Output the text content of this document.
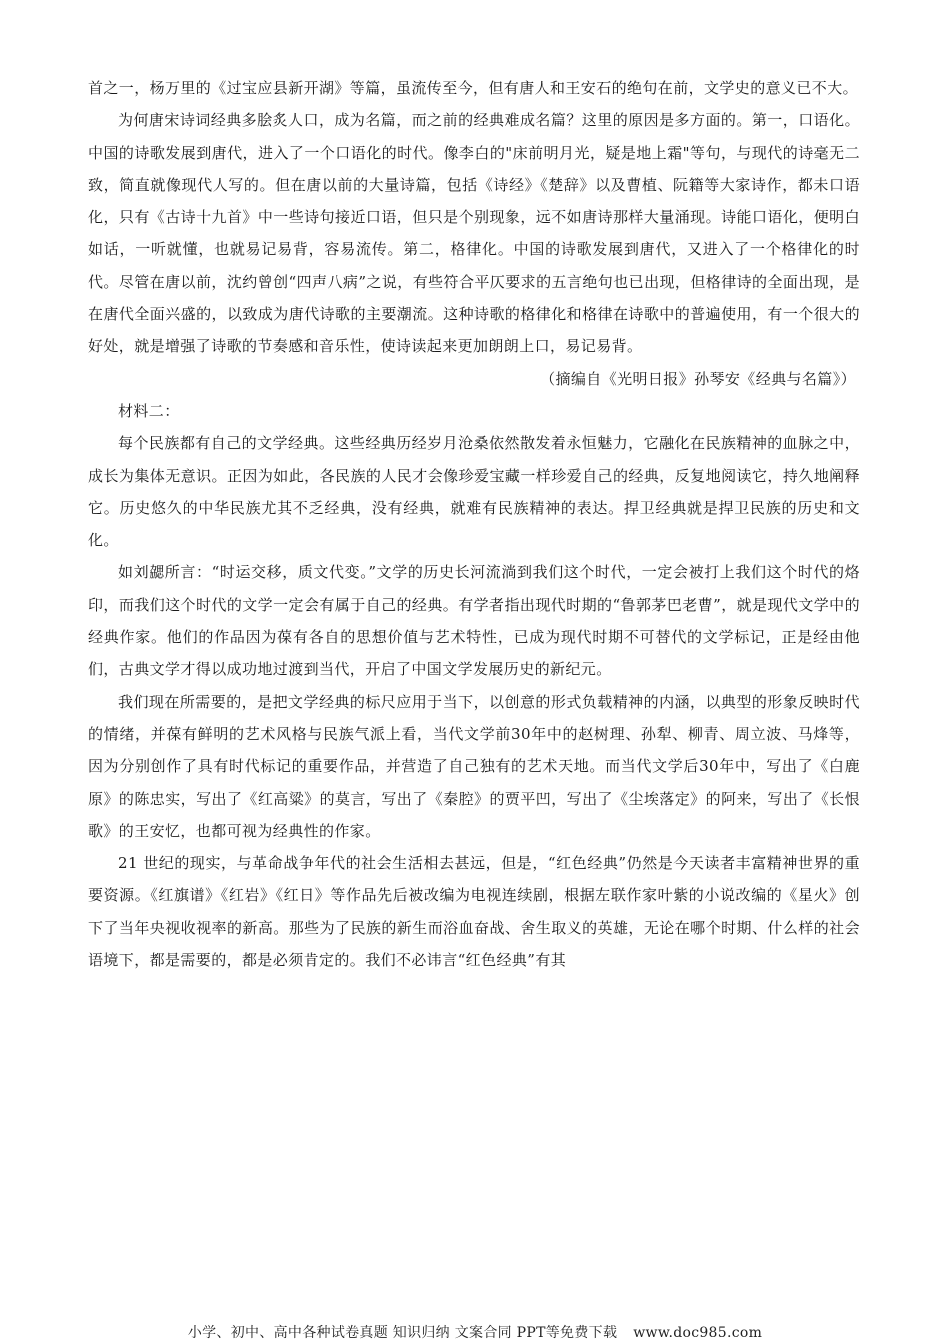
首之一，杨万里的《过宝应县新开湖》等篇，虽流传至今，但有唐人和王安石的绝句在前，文学史的意义已不大。

为何唐宋诗词经典多脍炙人口，成为名篇，而之前的经典难成名篇？这里的原因是多方面的。第一，口语化。中国的诗歌发展到唐代，进入了一个口语化的时代。像李白的"床前明月光，疑是地上霜"等句，与现代的诗毫无二致，简直就像现代人写的。但在唐以前的大量诗篇，包括《诗经》《楚辞》以及曹植、阮籍等大家诗作，都未口语化，只有《古诗十九首》中一些诗句接近口语，但只是个别现象，远不如唐诗那样大量涌现。诗能口语化，便明白如话，一听就懂，也就易记易背，容易流传。第二，格律化。中国的诗歌发展到唐代，又进入了一个格律化的时代。尽管在唐以前，沈约曾创“四声八病”之说，有些符合平仄要求的五言绝句也已出现，但格律诗的全面出现，是在唐代全面兴盛的，以致成为唐代诗歌的主要潮流。这种诗歌的格律化和格律在诗歌中的普遍使用，有一个很大的好处，就是增强了诗歌的节奏感和音乐性，使诗读起来更加朗朗上口，易记易背。

（摘编自《光明日报》孙琴安《经典与名篇》）

材料二：

每个民族都有自己的文学经典。这些经典历经岁月沧桑依然散发着永恒魅力，它融化在民族精神的血脉之中，成长为集体无意识。正因为如此，各民族的人民才会像珍爱宝藏一样珍爱自己的经典，反复地阅读它，持久地阐释它。历史悠久的中华民族尤其不乏经典，没有经典，就难有民族精神的表达。捍卫经典就是捍卫民族的历史和文化。

如刘勰所言：“时运交移，质文代变。”文学的历史长河流淌到我们这个时代，一定会被打上我们这个时代的烙印，而我们这个时代的文学一定会有属于自己的经典。有学者指出现代时期的“鲁郭茅巴老曹”，就是现代文学中的经典作家。他们的作品因为葆有各自的思想价值与艺术特性，已成为现代时期不可替代的文学标记，正是经由他们，古典文学才得以成功地过渡到当代，开启了中国文学发展历史的新纪元。

我们现在所需要的，是把文学经典的标尺应用于当下，以创意的形式负载精神的内涵，以典型的形象反映时代的情绪，并葆有鲜明的艺术风格与民族气派上看，当代文学前30年中的赵树理、孙犁、柳青、周立波、马烽等，因为分别创作了具有时代标记的重要作品，并营造了自己独有的艺术天地。而当代文学后30年中，写出了《白鹿原》的陈忠实，写出了《红高粱》的莫言，写出了《秦腔》的贾平凹，写出了《尘埃落定》的阿来，写出了《长恨歌》的王安忆，也都可视为经典性的作家。

21 世纪的现实，与革命战争年代的社会生活相去甚远，但是，“红色经典”仍然是今天读者丰富精神世界的重要资源。《红旗谱》《红岩》《红日》等作品先后被改编为电视连续剧，根据左联作家叶紫的小说改编的《星火》创下了当年央视收视率的新高。那些为了民族的新生而浴血奋战、舍生取义的英雄，无论在哪个时期、什么样的社会语境下，都是需要的，都是必须肯定的。我们不必讳言“红色经典”有其

小学、初中、高中各种试卷真题 知识归纳 文案合同 PPT等免费下载 www.doc985.com
